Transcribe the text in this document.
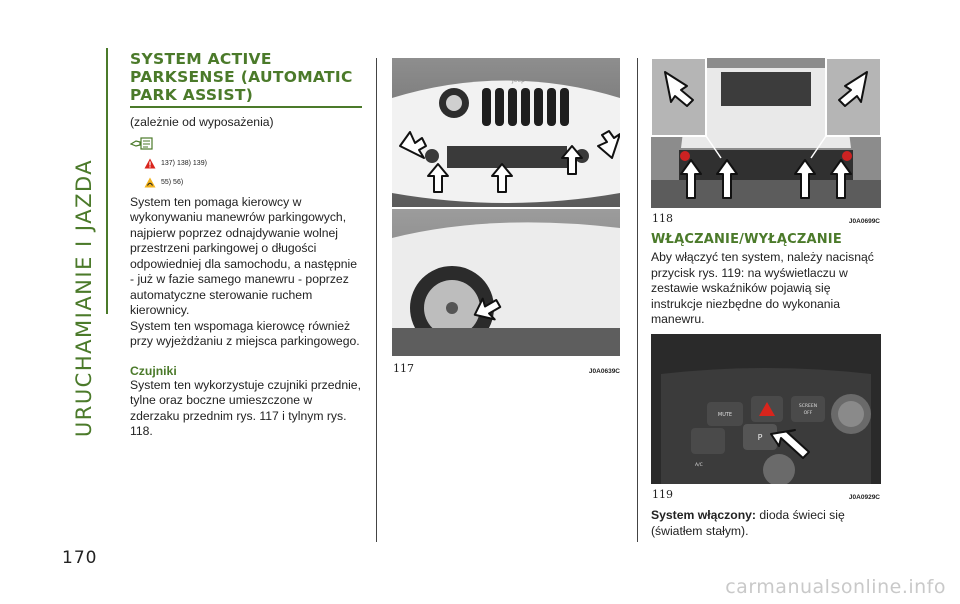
URUCHAMIANIE I JAZDA
170
SYSTEM ACTIVE
PARKSENSE (AUTOMATIC
PARK ASSIST)
(zależnie od wyposażenia)
137) 138) 139)
55) 56)
System ten pomaga kierowcy w wykonywaniu manewrów parkingowych, najpierw poprzez odnajdywanie wolnej przestrzeni parkingowej o długości odpowiedniej dla samochodu, a następnie - już w fazie samego manewru - poprzez automatyczne sterowanie ruchem kierownicy.
System ten wspomaga kierowcę również przy wyjeżdżaniu z miejsca parkingowego.
Czujniki
System ten wykorzystuje czujniki przednie, tylne oraz boczne umieszczone w zderzaku przednim rys. 117 i tylnym rys. 118.
Jeep
117	J0A0639C
118	J0A0699C
WŁĄCZANIE/WYŁĄCZANIE
Aby włączyć ten system, należy nacisnąć przycisk rys. 119: na wyświetlaczu w zestawie wskaźników pojawią się instrukcje niezbędne do wykonania manewru.
MUTE
SCREEN
OFF
P
A/C
119	J0A0929C
System włączony: dioda świeci się (światłem stałym).
carmanualsonline.info
